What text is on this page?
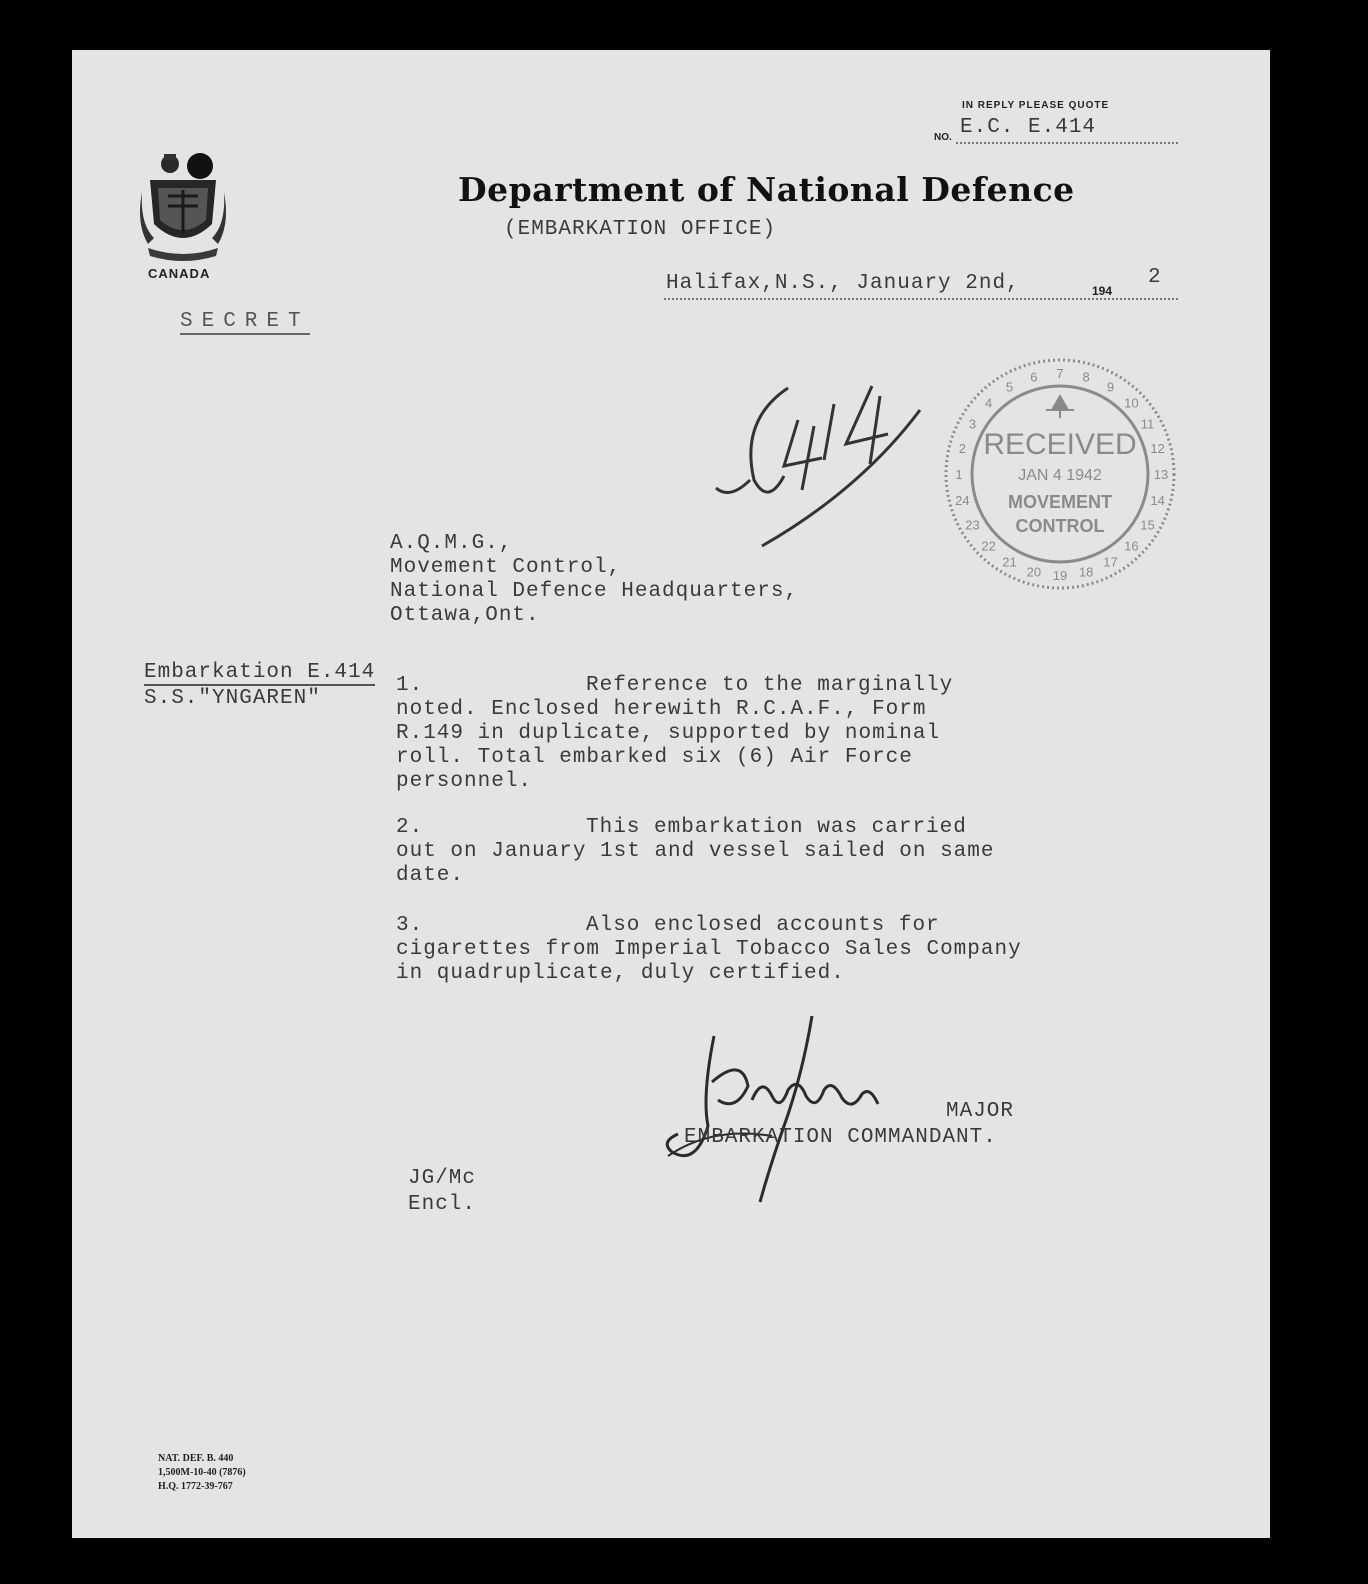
IN REPLY PLEASE QUOTE
NO. E.C. E.414
CANADA
Department of National Defence
(EMBARKATION OFFICE)
Halifax,N.S., January 2nd,	194
2
SECRET
1
2
3
4
5
6 7 8
9
10
11
12
13
14
15
16
17
18
19
20
21
22
23
24
RECEIVED
JAN 4 1942
MOVEMENT
CONTROL
A.Q.M.G.,
Movement Control,
National Defence Headquarters,
Ottawa,Ont.
Embarkation E.414
S.S."YNGAREN"
1.	Reference to the marginally
noted. Enclosed herewith R.C.A.F., Form
R.149 in duplicate, supported by nominal
roll. Total embarked six (6) Air Force
personnel.
2.	This embarkation was carried
out on January 1st and vessel sailed on same
date.
3.	Also enclosed accounts for
cigarettes from Imperial Tobacco Sales Company
in quadruplicate, duly certified.
MAJOR
EMBARKATION COMMANDANT.
JG/Mc
Encl.
NAT. DEF. B. 440
1,500M-10-40 (7876)
H.Q. 1772-39-767
